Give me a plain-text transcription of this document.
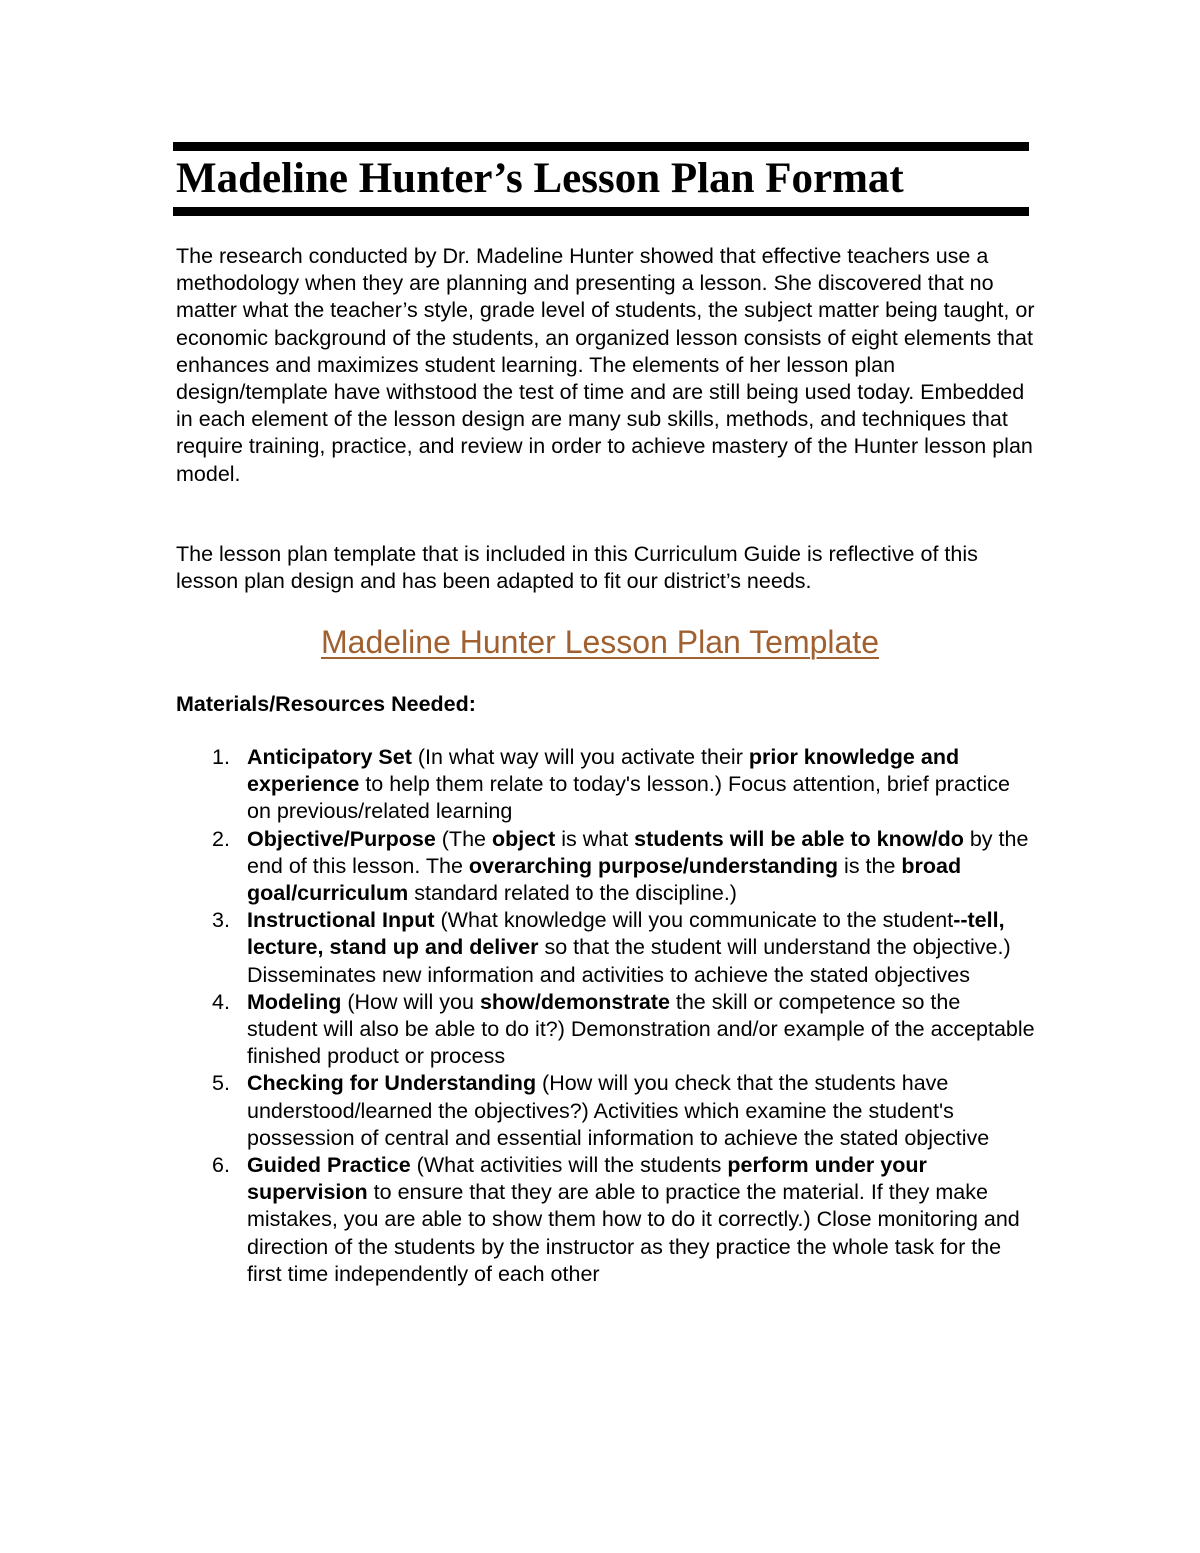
Madeline Hunter’s Lesson Plan Format

The research conducted by Dr. Madeline Hunter showed that effective teachers use a methodology when they are planning and presenting a lesson. She discovered that no matter what the teacher’s style, grade level of students, the subject matter being taught, or economic background of the students, an organized lesson consists of eight elements that enhances and maximizes student learning. The elements of her lesson plan design/template have withstood the test of time and are still being used today. Embedded in each element of the lesson design are many sub skills, methods, and techniques that require training, practice, and review in order to achieve mastery of the Hunter lesson plan model.

The lesson plan template that is included in this Curriculum Guide is reflective of this lesson plan design and has been adapted to fit our district’s needs.

Madeline Hunter Lesson Plan Template

Materials/Resources Needed:

1. Anticipatory Set (In what way will you activate their prior knowledge and experience to help them relate to today's lesson.) Focus attention, brief practice on previous/related learning
2. Objective/Purpose (The object is what students will be able to know/do by the end of this lesson. The overarching purpose/understanding is the broad goal/curriculum standard related to the discipline.)
3. Instructional Input (What knowledge will you communicate to the student--tell, lecture, stand up and deliver so that the student will understand the objective.) Disseminates new information and activities to achieve the stated objectives
4. Modeling (How will you show/demonstrate the skill or competence so the student will also be able to do it?) Demonstration and/or example of the acceptable finished product or process
5. Checking for Understanding (How will you check that the students have understood/learned the objectives?) Activities which examine the student's possession of central and essential information to achieve the stated objective
6. Guided Practice (What activities will the students perform under your supervision to ensure that they are able to practice the material. If they make mistakes, you are able to show them how to do it correctly.) Close monitoring and direction of the students by the instructor as they practice the whole task for the first time independently of each other
